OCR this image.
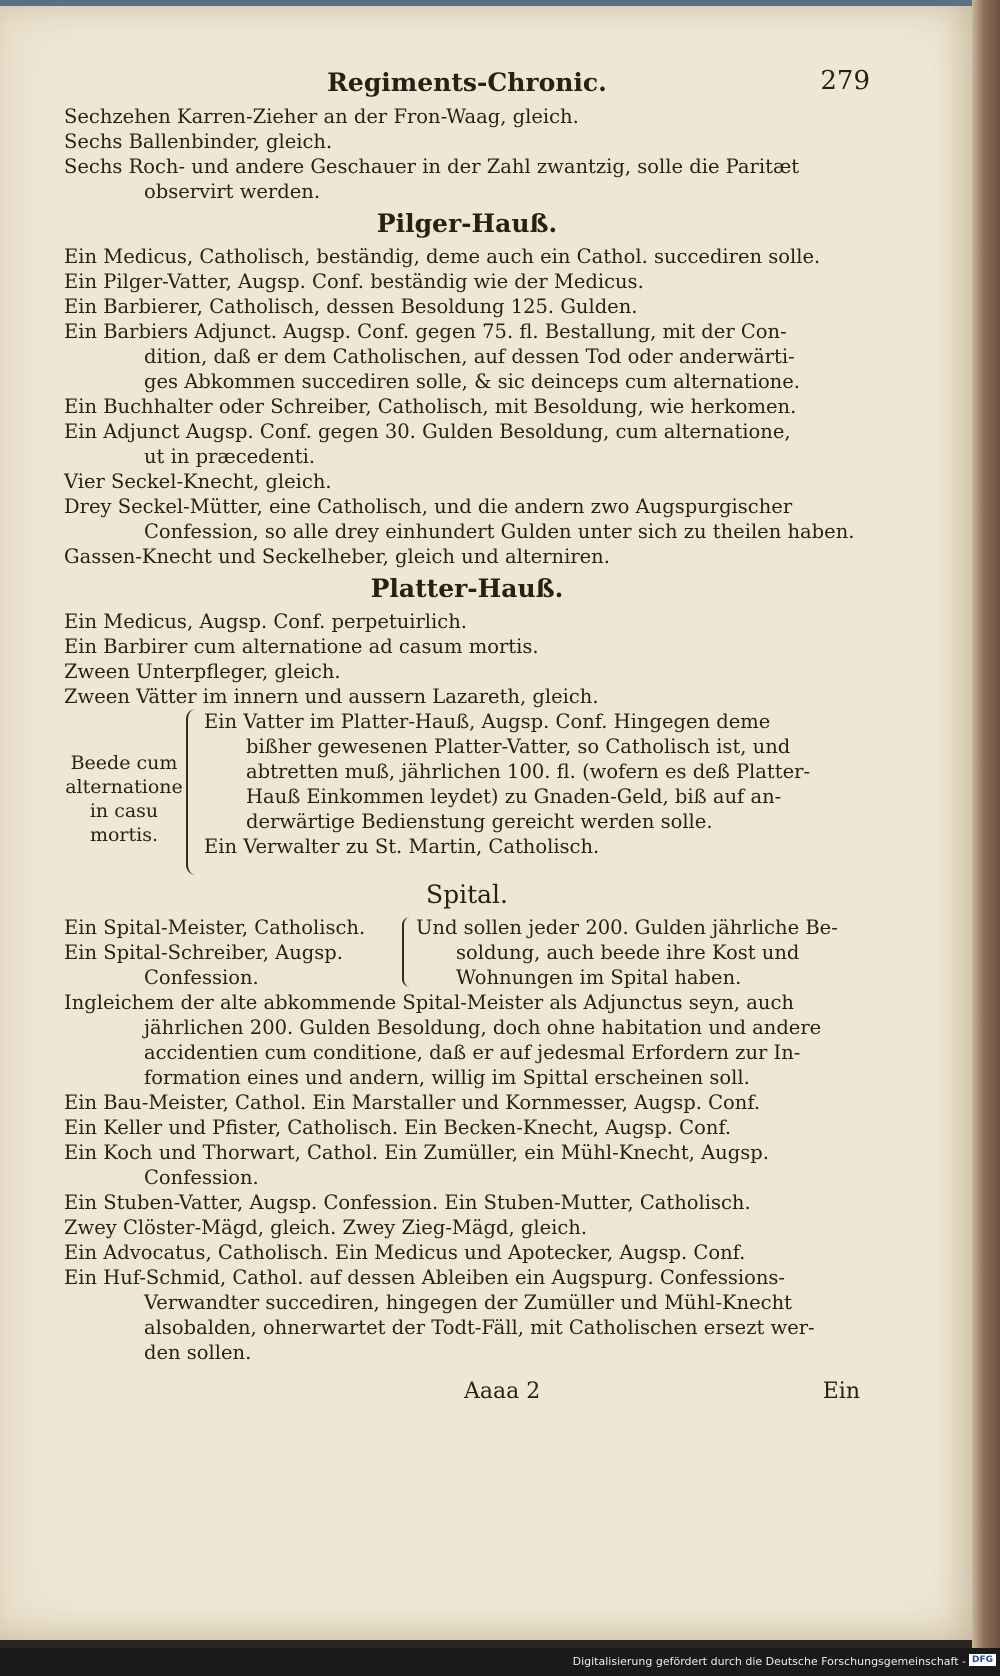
Regiments-Chronic.	279
Sechzehen Karren-Zieher an der Fron-Waag, gleich.
Sechs Ballenbinder, gleich.
Sechs Roch- und andere Geschauer in der Zahl zwantzig, solle die Paritæt
observirt werden.
Pilger-Hauß.
Ein Medicus, Catholisch, beständig, deme auch ein Cathol. succediren solle.
Ein Pilger-Vatter, Augsp. Conf. beständig wie der Medicus.
Ein Barbierer, Catholisch, dessen Besoldung 125. Gulden.
Ein Barbiers Adjunct. Augsp. Conf. gegen 75. fl. Bestallung, mit der Con-
dition, daß er dem Catholischen, auf dessen Tod oder anderwärti-
ges Abkommen succediren solle, & sic deinceps cum alternatione.
Ein Buchhalter oder Schreiber, Catholisch, mit Besoldung, wie herkomen.
Ein Adjunct Augsp. Conf. gegen 30. Gulden Besoldung, cum alternatione,
ut in præcedenti.
Vier Seckel-Knecht, gleich.
Drey Seckel-Mütter, eine Catholisch, und die andern zwo Augspurgischer
Confession, so alle drey einhundert Gulden unter sich zu theilen haben.
Gassen-Knecht und Seckelheber, gleich und alterniren.
Platter-Hauß.
Ein Medicus, Augsp. Conf. perpetuirlich.
Ein Barbirer cum alternatione ad casum mortis.
Zween Unterpfleger, gleich.
Zween Vätter im innern und aussern Lazareth, gleich.
Beede cum
alternatione
in casu
mortis.
Ein Vatter im Platter-Hauß, Augsp. Conf. Hingegen deme
bißher gewesenen Platter-Vatter, so Catholisch ist, und
abtretten muß, jährlichen 100. fl. (wofern es deß Platter-
Hauß Einkommen leydet) zu Gnaden-Geld, biß auf an-
derwärtige Bedienstung gereicht werden solle.
Ein Verwalter zu St. Martin, Catholisch.
Spital.
Ein Spital-Meister, Catholisch.
Ein Spital-Schreiber, Augsp.
Confession.
Und sollen jeder 200. Gulden jährliche Be-
soldung, auch beede ihre Kost und
Wohnungen im Spital haben.
Ingleichem der alte abkommende Spital-Meister als Adjunctus seyn, auch
jährlichen 200. Gulden Besoldung, doch ohne habitation und andere
accidentien cum conditione, daß er auf jedesmal Erfordern zur In-
formation eines und andern, willig im Spittal erscheinen soll.
Ein Bau-Meister, Cathol. Ein Marstaller und Kornmesser, Augsp. Conf.
Ein Keller und Pfister, Catholisch. Ein Becken-Knecht, Augsp. Conf.
Ein Koch und Thorwart, Cathol. Ein Zumüller, ein Mühl-Knecht, Augsp.
Confession.
Ein Stuben-Vatter, Augsp. Confession. Ein Stuben-Mutter, Catholisch.
Zwey Clöster-Mägd, gleich. Zwey Zieg-Mägd, gleich.
Ein Advocatus, Catholisch. Ein Medicus und Apotecker, Augsp. Conf.
Ein Huf-Schmid, Cathol. auf dessen Ableiben ein Augspurg. Confessions-
Verwandter succediren, hingegen der Zumüller und Mühl-Knecht
alsobalden, ohnerwartet der Todt-Fäll, mit Catholischen ersezt wer-
den sollen.
Aaaa 2	Ein
Digitalisierung gefördert durch die Deutsche Forschungsgemeinschaft - DFG
